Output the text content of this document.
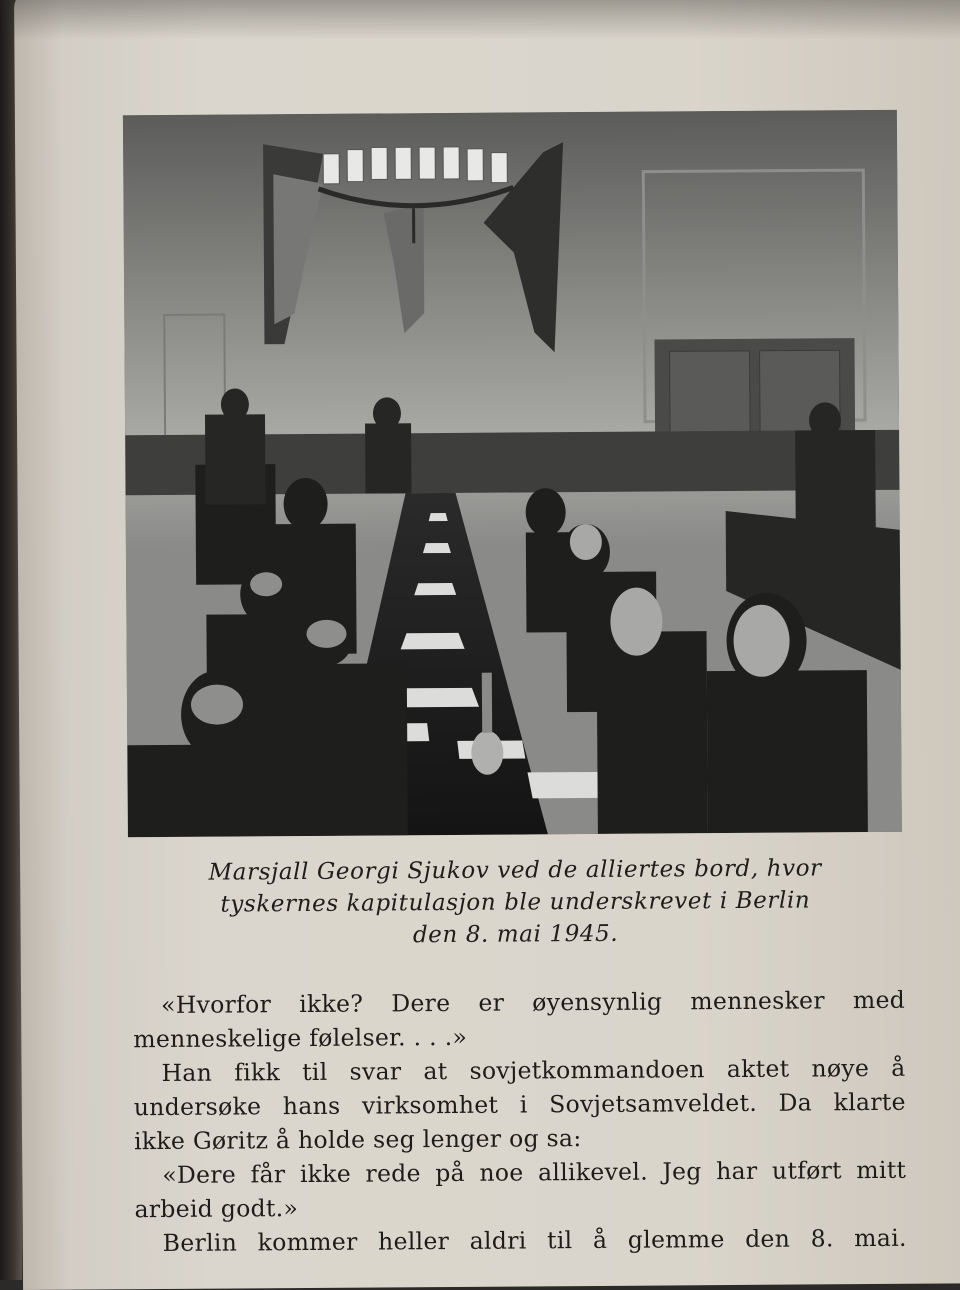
Marsjall Georgi Sjukov ved de alliertes bord, hvor
tyskernes kapitulasjon ble underskrevet i Berlin
den 8. mai 1945.
«Hvorfor ikke? Dere er øyensynlig mennesker med
menneskelige følelser. . . .»
Han fikk til svar at sovjetkommandoen aktet nøye å
undersøke hans virksomhet i Sovjetsamveldet. Da klarte
ikke Gøritz å holde seg lenger og sa:
«Dere får ikke rede på noe allikevel. Jeg har utført mitt
arbeid godt.»
Berlin kommer heller aldri til å glemme den 8. mai.
